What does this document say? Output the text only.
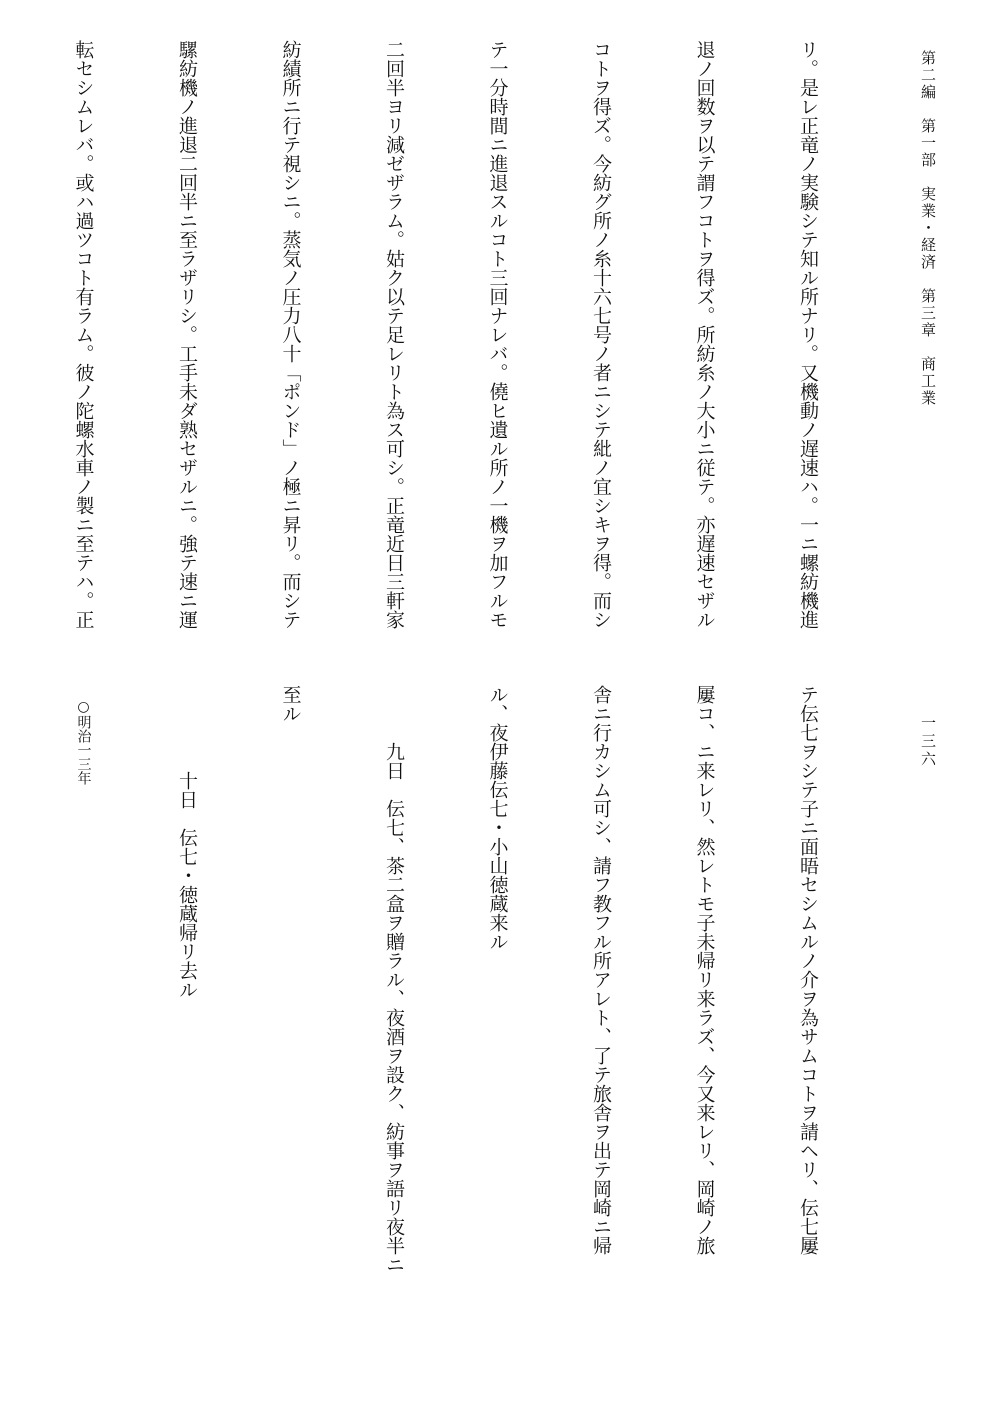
第二編　第一部　実業・経済　第三章　商工業
一三六

リ。是レ正竜ノ実験シテ知ル所ナリ。又機動ノ遅速ハ。一ニ螺紡機進

退ノ回数ヲ以テ謂フコトヲ得ズ。所紡糸ノ大小ニ従テ。亦遅速セザル

コトヲ得ズ。今紡グ所ノ糸十六七号ノ者ニシテ紕ノ宜シキヲ得。而シ

テ一分時間ニ進退スルコト三回ナレバ。僥ヒ遺ル所ノ一機ヲ加フルモ

二回半ヨリ減ゼザラム。姑ク以テ足レリト為ス可シ。正竜近日三軒家

紡績所ニ行テ視シニ。蒸気ノ圧力八十「ポンド」ノ極ニ昇リ。而シテ

騾紡機ノ進退二回半ニ至ラザリシ。工手未ダ熟セザルニ。強テ速ニ運

転セシムレバ。或ハ過ツコト有ラム。彼ノ陀螺水車ノ製ニ至テハ。正

テ伝七ヲシテ子ニ面晤セシムルノ介ヲ為サムコトヲ請ヘリ、伝七屢

屢コ、ニ来レリ、然レトモ子未帰リ来ラズ、今又来レリ、岡崎ノ旅

舎ニ行カシム可シ、請フ教フル所アレト、了テ旅舎ヲ出テ岡崎ニ帰

ル、夜伊藤伝七・小山徳蔵来ル

九日　伝七、茶二盒ヲ贈ラル、夜酒ヲ設ク、紡事ヲ語リ夜半ニ

至ル

十日　伝七・徳蔵帰リ去ル

○明治一三年
